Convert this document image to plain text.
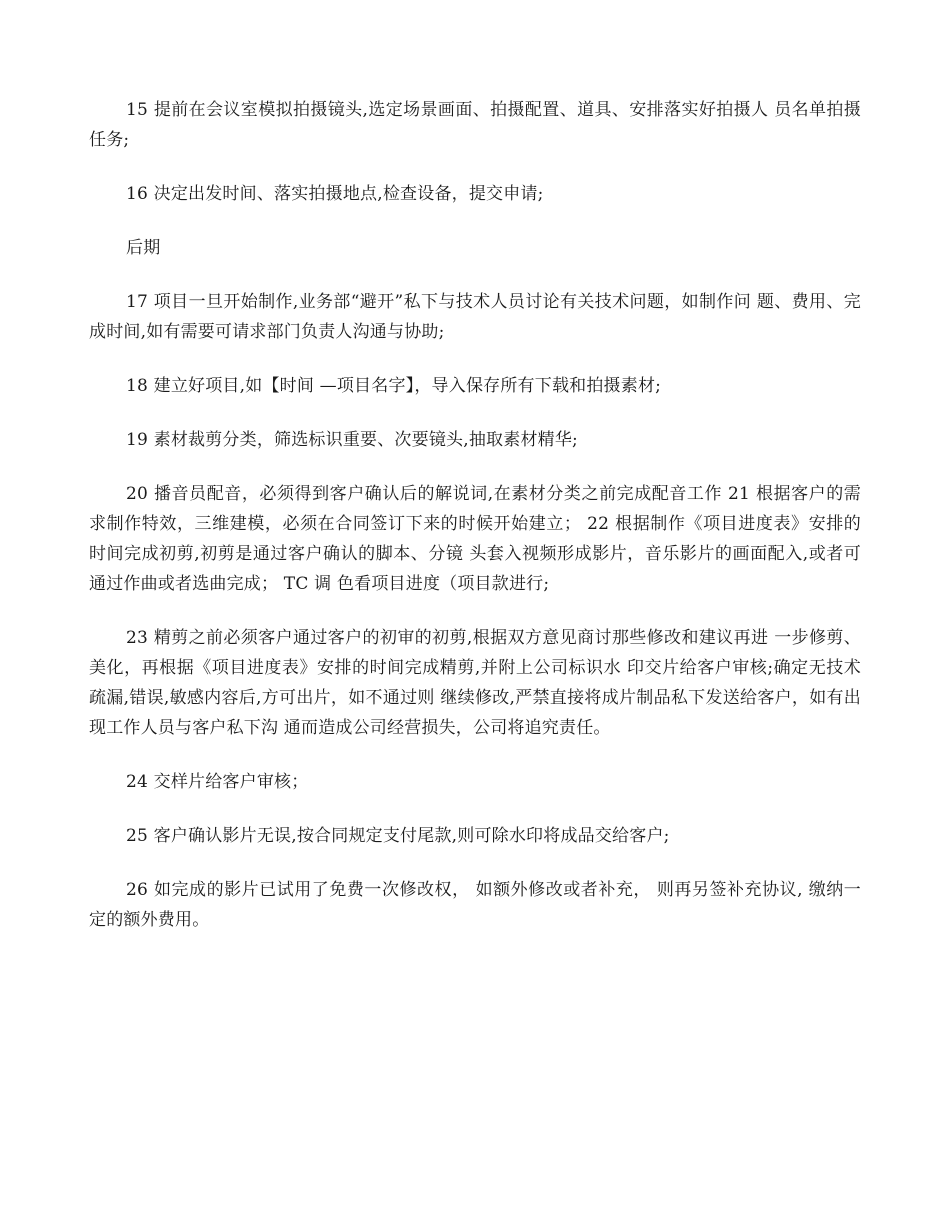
15 提前在会议室模拟拍摄镜头,选定场景画面、拍摄配置、道具、安排落实好拍摄人 员名单拍摄任务;

16 决定出发时间、落实拍摄地点,检查设备，提交申请;

后期

17 项目一旦开始制作,业务部“避开”私下与技术人员讨论有关技术问题，如制作问 题、费用、完成时间,如有需要可请求部门负责人沟通与协助;

18 建立好项目,如【时间 —项目名字】，导入保存所有下载和拍摄素材;

19 素材裁剪分类，筛选标识重要、次要镜头,抽取素材精华;

20 播音员配音，必须得到客户确认后的解说词,在素材分类之前完成配音工作 21 根据客户的需求制作特效，三维建模，必须在合同签订下来的时候开始建立； 22 根据制作《项目进度表》安排的时间完成初剪,初剪是通过客户确认的脚本、分镜 头套入视频形成影片，音乐影片的画面配入,或者可通过作曲或者选曲完成； TC 调 色看项目进度（项目款进行;

23 精剪之前必须客户通过客户的初审的初剪,根据双方意见商讨那些修改和建议再进 一步修剪、美化，再根据《项目进度表》安排的时间完成精剪,并附上公司标识水 印交片给客户审核;确定无技术疏漏,错误,敏感内容后,方可出片，如不通过则 继续修改,严禁直接将成片制品私下发送给客户，如有出现工作人员与客户私下沟 通而造成公司经营损失，公司将追究责任。

24 交样片给客户审核；

25 客户确认影片无误,按合同规定支付尾款,则可除水印将成品交给客户;

26 如完成的影片已试用了免费一次修改权， 如额外修改或者补充， 则再另签补充协议, 缴纳一定的额外费用。
